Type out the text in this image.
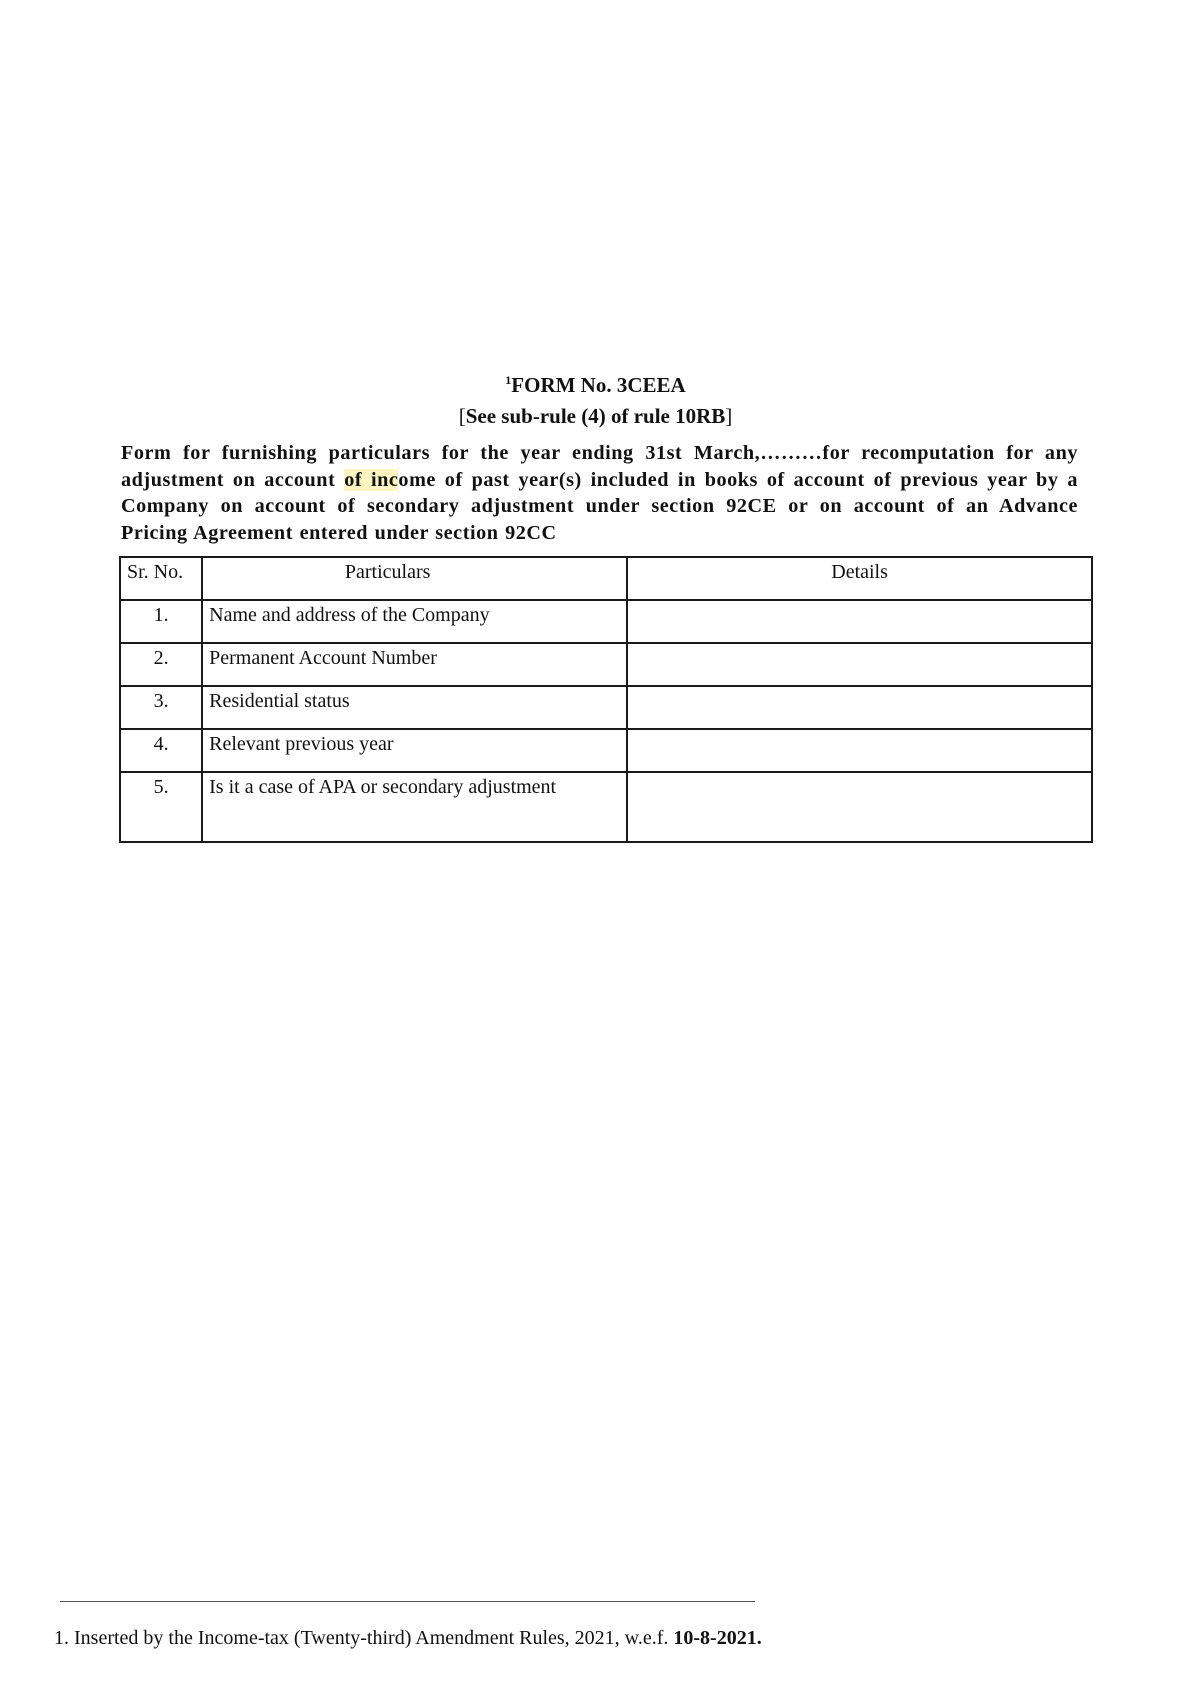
$^1$FORM No. 3CEEA
[See sub-rule (4) of rule 10RB]
Form for furnishing particulars for the year ending 31st March,………for recomputation for any adjustment on account of income of past year(s) included in books of account of previous year by a Company on account of secondary adjustment under section 92CE or on account of an Advance Pricing Agreement entered under section 92CC
Sr. No.	Particulars	Details
1.	Name and address of the Company	
2.	Permanent Account Number	
3.	Residential status	
4.	Relevant previous year	
5.	Is it a case of APA or secondary adjustment	
1. Inserted by the Income-tax (Twenty-third) Amendment Rules, 2021, w.e.f. 10-8-2021.
